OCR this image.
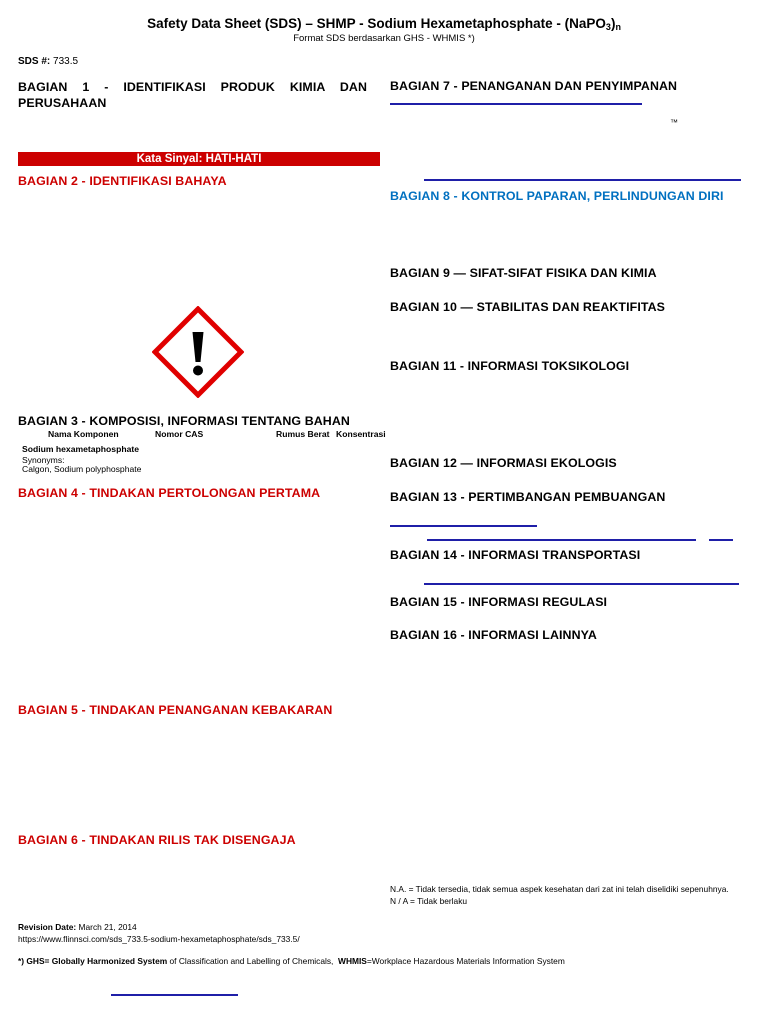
Safety Data Sheet (SDS) – SHMP - Sodium Hexametaphosphate - $(NaPO_3)_n$
Format SDS berdasarkan GHS - WHMIS *)
SDS #: 733.5
BAGIAN 1 - IDENTIFIKASI PRODUK KIMIA DAN PERUSAHAAN
Kata Sinyal: HATI-HATI
BAGIAN 2 - IDENTIFIKASI BAHAYA
BAGIAN 3 - KOMPOSISI, INFORMASI TENTANG BAHAN
Nama Komponen	Nomor CAS	Rumus Berat Konsentrasi
Sodium hexametaphosphate
Synonyms:
Calgon, Sodium polyphosphate
BAGIAN 4 - TINDAKAN PERTOLONGAN PERTAMA
BAGIAN 5 - TINDAKAN PENANGANAN KEBAKARAN
BAGIAN 6 - TINDAKAN RILIS TAK DISENGAJA
BAGIAN 7 - PENANGANAN DAN PENYIMPANAN
™
BAGIAN 8 - KONTROL PAPARAN, PERLINDUNGAN DIRI
BAGIAN 9 — SIFAT-SIFAT FISIKA DAN KIMIA
BAGIAN 10 — STABILITAS DAN REAKTIFITAS
BAGIAN 11 - INFORMASI TOKSIKOLOGI
BAGIAN 12 — INFORMASI EKOLOGIS
BAGIAN 13 - PERTIMBANGAN PEMBUANGAN
BAGIAN 14 - INFORMASI TRANSPORTASI
BAGIAN 15 - INFORMASI REGULASI
BAGIAN 16 - INFORMASI LAINNYA
N.A. = Tidak tersedia, tidak semua aspek kesehatan dari zat ini telah diselidiki sepenuhnya.
N / A = Tidak berlaku
Revision Date: March 21, 2014
https://www.flinnsci.com/sds_733.5-sodium-hexametaphosphate/sds_733.5/
*) GHS= Globally Harmonized System of Classification and Labelling of Chemicals, WHMIS=Workplace Hazardous Materials Information System
